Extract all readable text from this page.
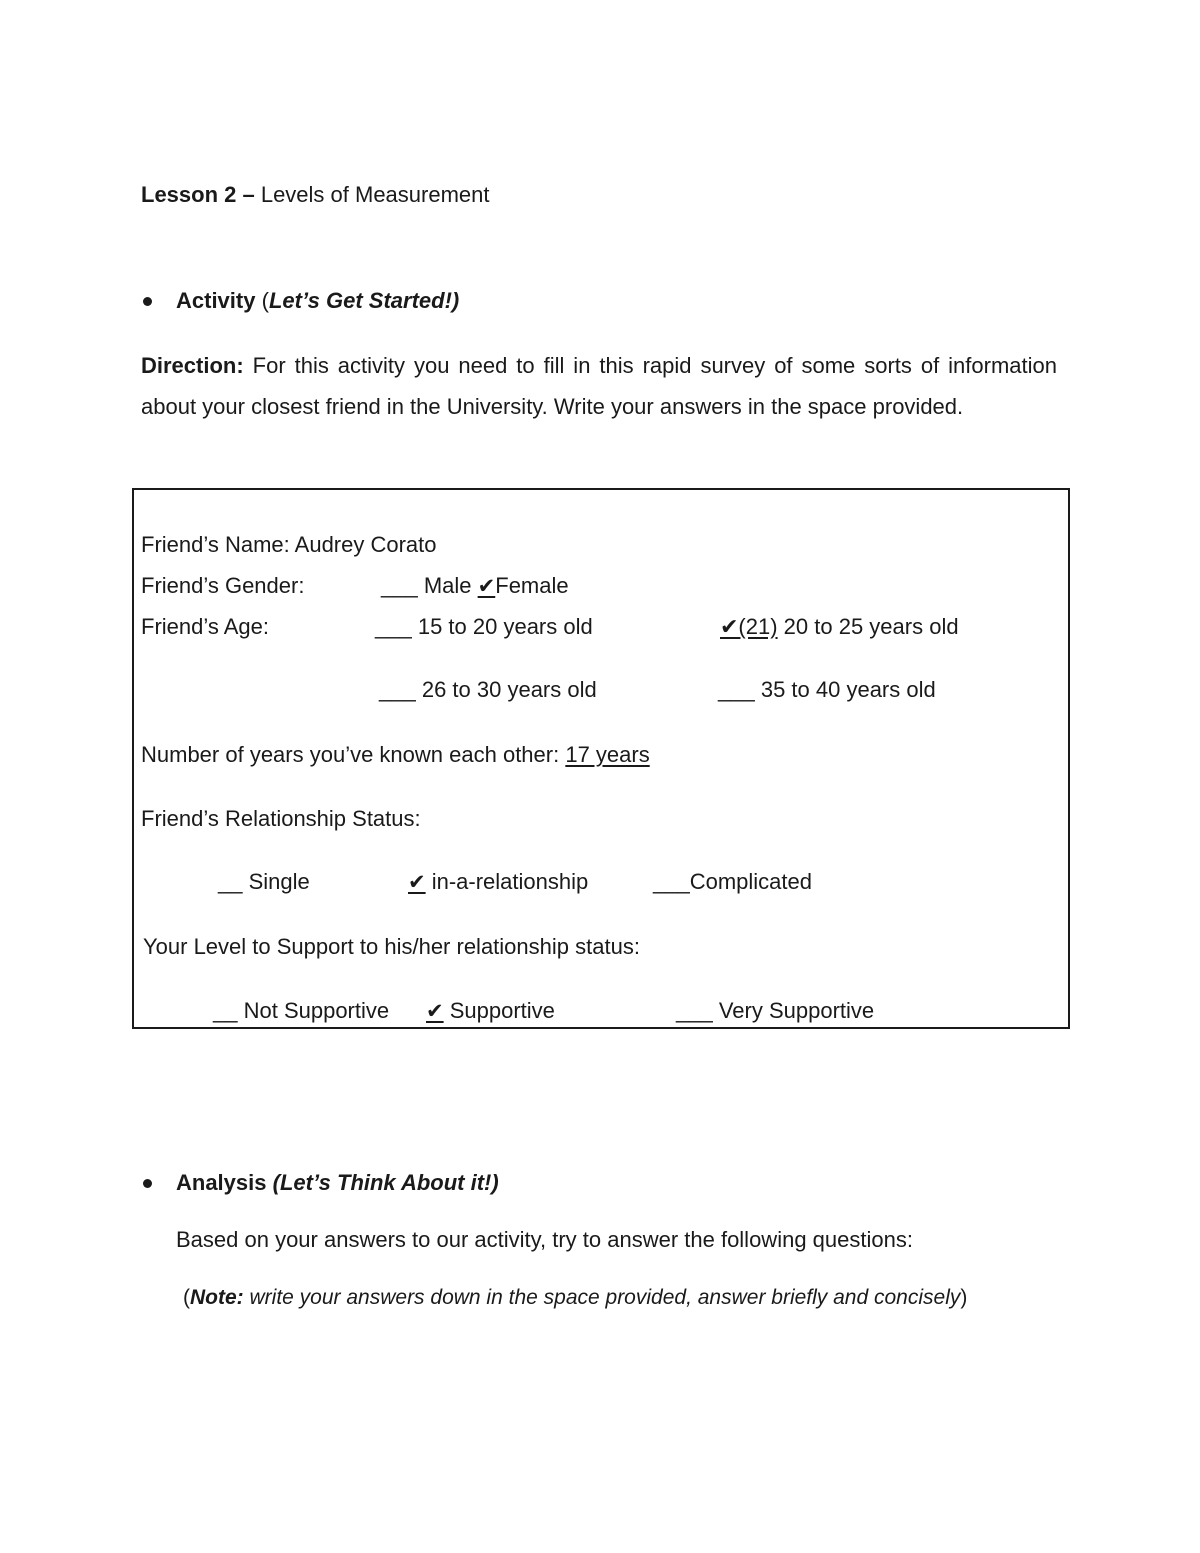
Lesson 2 – Levels of Measurement
Activity (Let’s Get Started!)
Direction: For this activity you need to fill in this rapid survey of some sorts of information about your closest friend in the University. Write your answers in the space provided.
Friend’s Name: Audrey Corato
Friend’s Gender:	___ Male ✔Female
Friend’s Age:	___ 15 to 20 years old	✔(21) 20 to 25 years old
___ 26 to 30 years old	___ 35 to 40 years old
Number of years you’ve known each other: 17 years
Friend’s Relationship Status:
__ Single	✔ in-a-relationship	___Complicated
Your Level to Support to his/her relationship status:
__ Not Supportive ✔ Supportive	___ Very Supportive
Analysis (Let’s Think About it!)
Based on your answers to our activity, try to answer the following questions:
(Note: write your answers down in the space provided, answer briefly and concisely)
